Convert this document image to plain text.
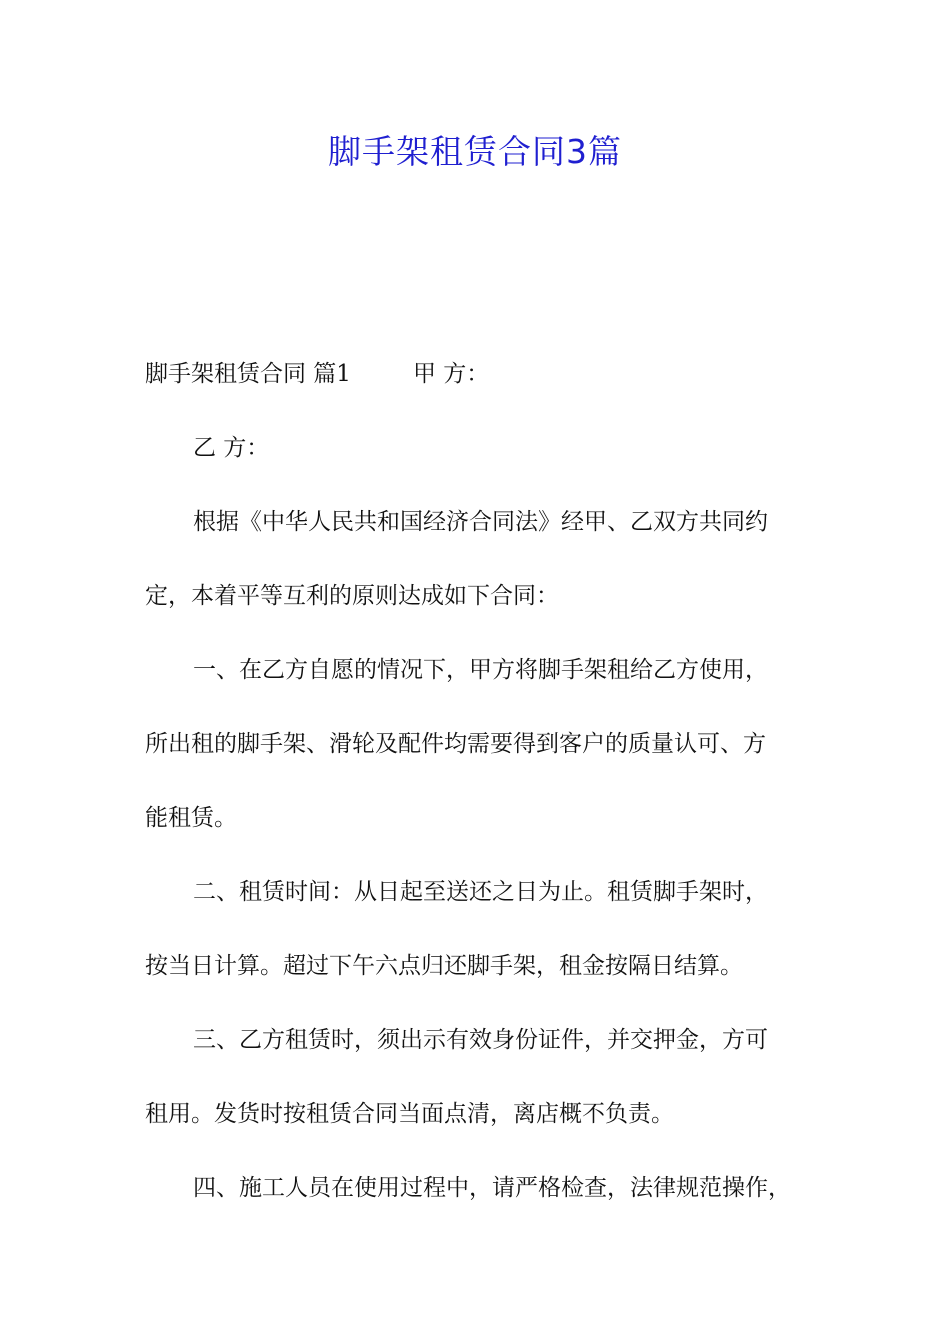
脚手架租赁合同3篇
脚手架租赁合同 篇1	甲 方：
乙 方：
根据《中华人民共和国经济合同法》经甲、乙双方共同约
定，本着平等互利的原则达成如下合同：
一、在乙方自愿的情况下，甲方将脚手架租给乙方使用，
所出租的脚手架、滑轮及配件均需要得到客户的质量认可、方
能租赁。
二、租赁时间：从日起至送还之日为止。租赁脚手架时，
按当日计算。超过下午六点归还脚手架，租金按隔日结算。
三、乙方租赁时，须出示有效身份证件，并交押金，方可
租用。发货时按租赁合同当面点清，离店概不负责。
四、施工人员在使用过程中，请严格检查，法律规范操作，
